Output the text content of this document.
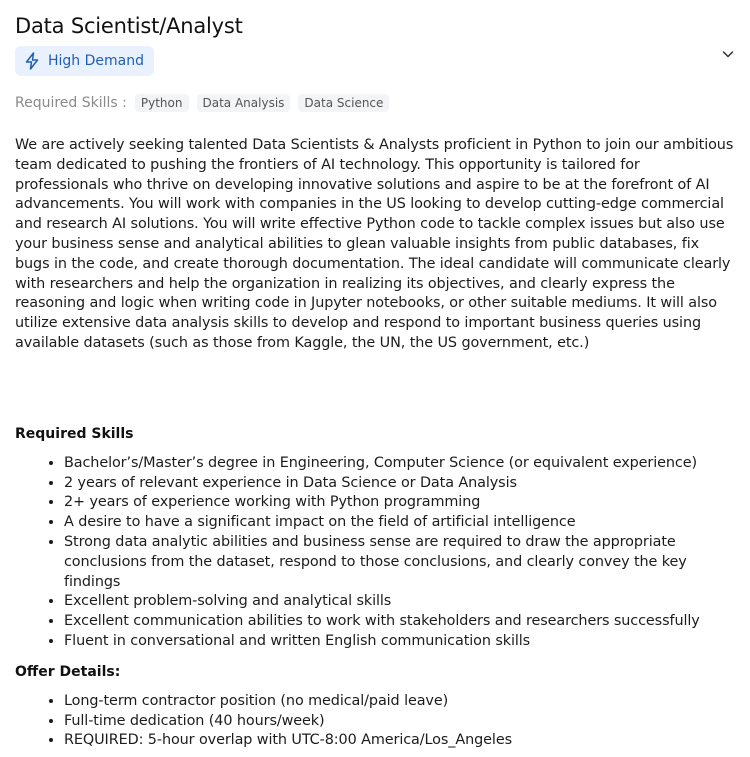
Data Scientist/Analyst
High Demand
Required Skills :	Python	Data Analysis	Data Science
We are actively seeking talented Data Scientists & Analysts proficient in Python to join our ambitious team dedicated to pushing the frontiers of AI technology. This opportunity is tailored for professionals who thrive on developing innovative solutions and aspire to be at the forefront of AI advancements. You will work with companies in the US looking to develop cutting-edge commercial and research AI solutions. You will write effective Python code to tackle complex issues but also use your business sense and analytical abilities to glean valuable insights from public databases, fix bugs in the code, and create thorough documentation. The ideal candidate will communicate clearly with researchers and help the organization in realizing its objectives, and clearly express the reasoning and logic when writing code in Jupyter notebooks, or other suitable mediums. It will also utilize extensive data analysis skills to develop and respond to important business queries using available datasets (such as those from Kaggle, the UN, the US government, etc.)
Required Skills
• Bachelor’s/Master’s degree in Engineering, Computer Science (or equivalent experience)
• 2 years of relevant experience in Data Science or Data Analysis
• 2+ years of experience working with Python programming
• A desire to have a significant impact on the field of artificial intelligence
• Strong data analytic abilities and business sense are required to draw the appropriate conclusions from the dataset, respond to those conclusions, and clearly convey the key findings
• Excellent problem-solving and analytical skills
• Excellent communication abilities to work with stakeholders and researchers successfully
• Fluent in conversational and written English communication skills
Offer Details:
• Long-term contractor position (no medical/paid leave)
• Full-time dedication (40 hours/week)
• REQUIRED: 5-hour overlap with UTC-8:00 America/Los_Angeles
